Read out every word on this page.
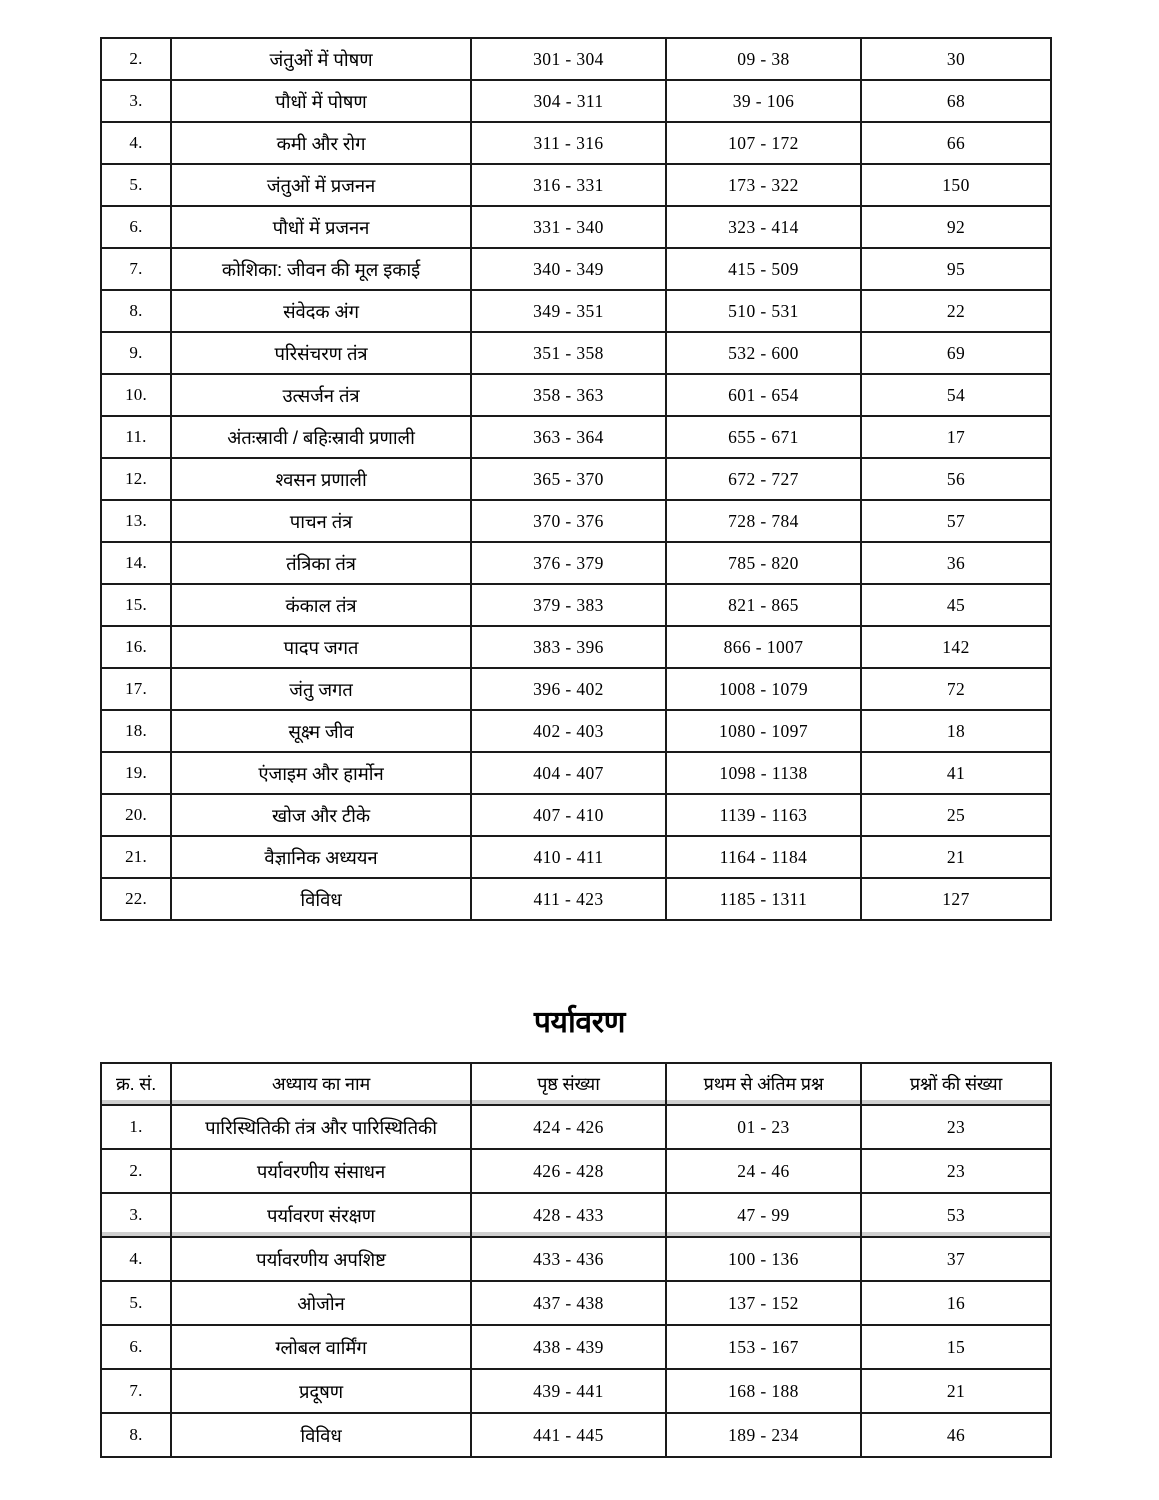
2.	जंतुओं में पोषण	301 - 304	09 - 38	30
3.	पौधों में पोषण	304 - 311	39 - 106	68
4.	कमी और रोग	311 - 316	107 - 172	66
5.	जंतुओं में प्रजनन	316 - 331	173 - 322	150
6.	पौधों में प्रजनन	331 - 340	323 - 414	92
7.	कोशिका: जीवन की मूल इकाई	340 - 349	415 - 509	95
8.	संवेदक अंग	349 - 351	510 - 531	22
9.	परिसंचरण तंत्र	351 - 358	532 - 600	69
10.	उत्सर्जन तंत्र	358 - 363	601 - 654	54
11.	अंतःस्रावी / बहिःस्रावी प्रणाली	363 - 364	655 - 671	17
12.	श्वसन प्रणाली	365 - 370	672 - 727	56
13.	पाचन तंत्र	370 - 376	728 - 784	57
14.	तंत्रिका तंत्र	376 - 379	785 - 820	36
15.	कंकाल तंत्र	379 - 383	821 - 865	45
16.	पादप जगत	383 - 396	866 - 1007	142
17.	जंतु जगत	396 - 402	1008 - 1079	72
18.	सूक्ष्म जीव	402 - 403	1080 - 1097	18
19.	एंजाइम और हार्मोन	404 - 407	1098 - 1138	41
20.	खोज और टीके	407 - 410	1139 - 1163	25
21.	वैज्ञानिक अध्ययन	410 - 411	1164 - 1184	21
22.	विविध	411 - 423	1185 - 1311	127
पर्यावरण
क्र. सं.	अध्याय का नाम	पृष्ठ संख्या	प्रथम से अंतिम प्रश्न	प्रश्नों की संख्या
1.	पारिस्थितिकी तंत्र और पारिस्थितिकी	424 - 426	01 - 23	23
2.	पर्यावरणीय संसाधन	426 - 428	24 - 46	23
3.	पर्यावरण संरक्षण	428 - 433	47 - 99	53
4.	पर्यावरणीय अपशिष्ट	433 - 436	100 - 136	37
5.	ओजोन	437 - 438	137 - 152	16
6.	ग्लोबल वार्मिंग	438 - 439	153 - 167	15
7.	प्रदूषण	439 - 441	168 - 188	21
8.	विविध	441 - 445	189 - 234	46
